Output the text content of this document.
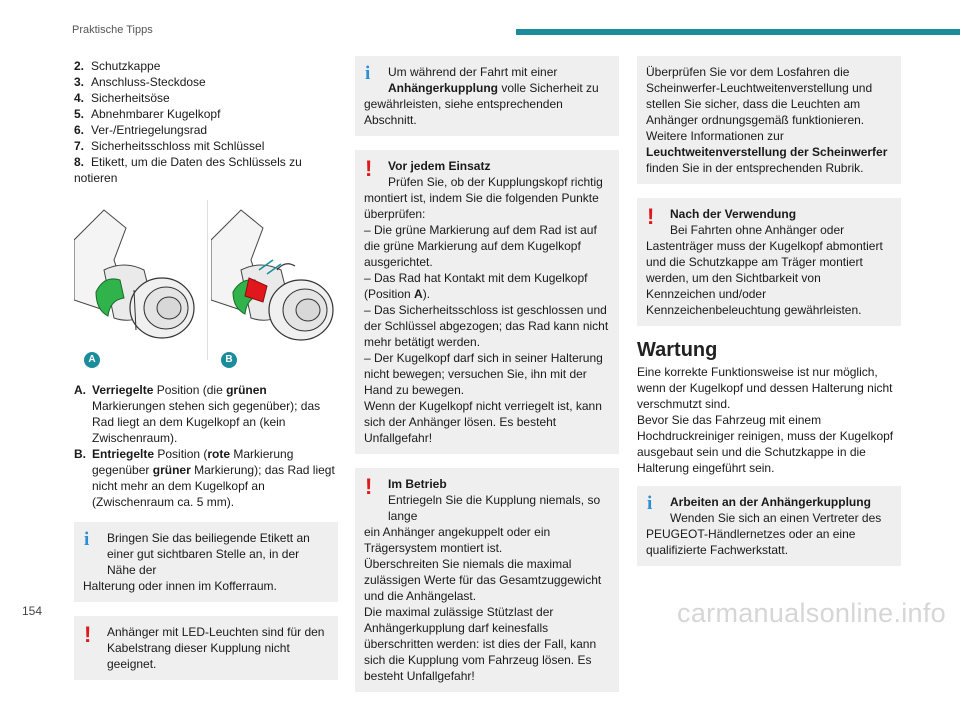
Praktische Tipps
2. Schutzkappe
3. Anschluss-Steckdose
4. Sicherheitsöse
5. Abnehmbarer Kugelkopf
6. Ver-/Entriegelungsrad
7. Sicherheitsschloss mit Schlüssel
8. Etikett, um die Daten des Schlüssels zu notieren
A	B
A. Verriegelte Position (die grünen Markierungen stehen sich gegenüber); das Rad liegt an dem Kugelkopf an (kein Zwischenraum).
B. Entriegelte Position (rote Markierung gegenüber grüner Markierung); das Rad liegt nicht mehr an dem Kugelkopf an (Zwischenraum ca. 5 mm).
i	Bringen Sie das beiliegende Etikett an einer gut sichtbaren Stelle an, in der Nähe der
Halterung oder innen im Kofferraum.
!	Anhänger mit LED-Leuchten sind für den Kabelstrang dieser Kupplung nicht geeignet.
i	Um während der Fahrt mit einer Anhängerkupplung volle Sicherheit zu
gewährleisten, siehe entsprechenden Abschnitt.
!	Vor jedem Einsatz
Prüfen Sie, ob der Kupplungskopf richtig
montiert ist, indem Sie die folgenden Punkte überprüfen:
– Die grüne Markierung auf dem Rad ist auf die grüne Markierung auf dem Kugelkopf ausgerichtet.
– Das Rad hat Kontakt mit dem Kugelkopf (Position A).
– Das Sicherheitsschloss ist geschlossen und der Schlüssel abgezogen; das Rad kann nicht mehr betätigt werden.
– Der Kugelkopf darf sich in seiner Halterung nicht bewegen; versuchen Sie, ihn mit der Hand zu bewegen.
Wenn der Kugelkopf nicht verriegelt ist, kann sich der Anhänger lösen. Es besteht Unfallgefahr!
!	Im Betrieb
Entriegeln Sie die Kupplung niemals, so lange
ein Anhänger angekuppelt oder ein Trägersystem montiert ist.
Überschreiten Sie niemals die maximal zulässigen Werte für das Gesamtzuggewicht und die Anhängelast.
Die maximal zulässige Stützlast der Anhängerkupplung darf keinesfalls überschritten werden: ist dies der Fall, kann sich die Kupplung vom Fahrzeug lösen. Es besteht Unfallgefahr!
Überprüfen Sie vor dem Losfahren die Scheinwerfer-Leuchtweitenverstellung und stellen Sie sicher, dass die Leuchten am Anhänger ordnungsgemäß funktionieren.
Weitere Informationen zur
Leuchtweitenverstellung der Scheinwerfer finden Sie in der entsprechenden Rubrik.
!	Nach der Verwendung
Bei Fahrten ohne Anhänger oder
Lastenträger muss der Kugelkopf abmontiert und die Schutzkappe am Träger montiert werden, um den Sichtbarkeit von Kennzeichen und/oder Kennzeichenbeleuchtung gewährleisten.
Wartung
Eine korrekte Funktionsweise ist nur möglich, wenn der Kugelkopf und dessen Halterung nicht verschmutzt sind.
Bevor Sie das Fahrzeug mit einem Hochdruckreiniger reinigen, muss der Kugelkopf ausgebaut sein und die Schutzkappe in die Halterung eingeführt sein.
i	Arbeiten an der Anhängerkupplung
Wenden Sie sich an einen Vertreter des
PEUGEOT-Händlernetzes oder an eine qualifizierte Fachwerkstatt.
154	carmanualsonline.info
